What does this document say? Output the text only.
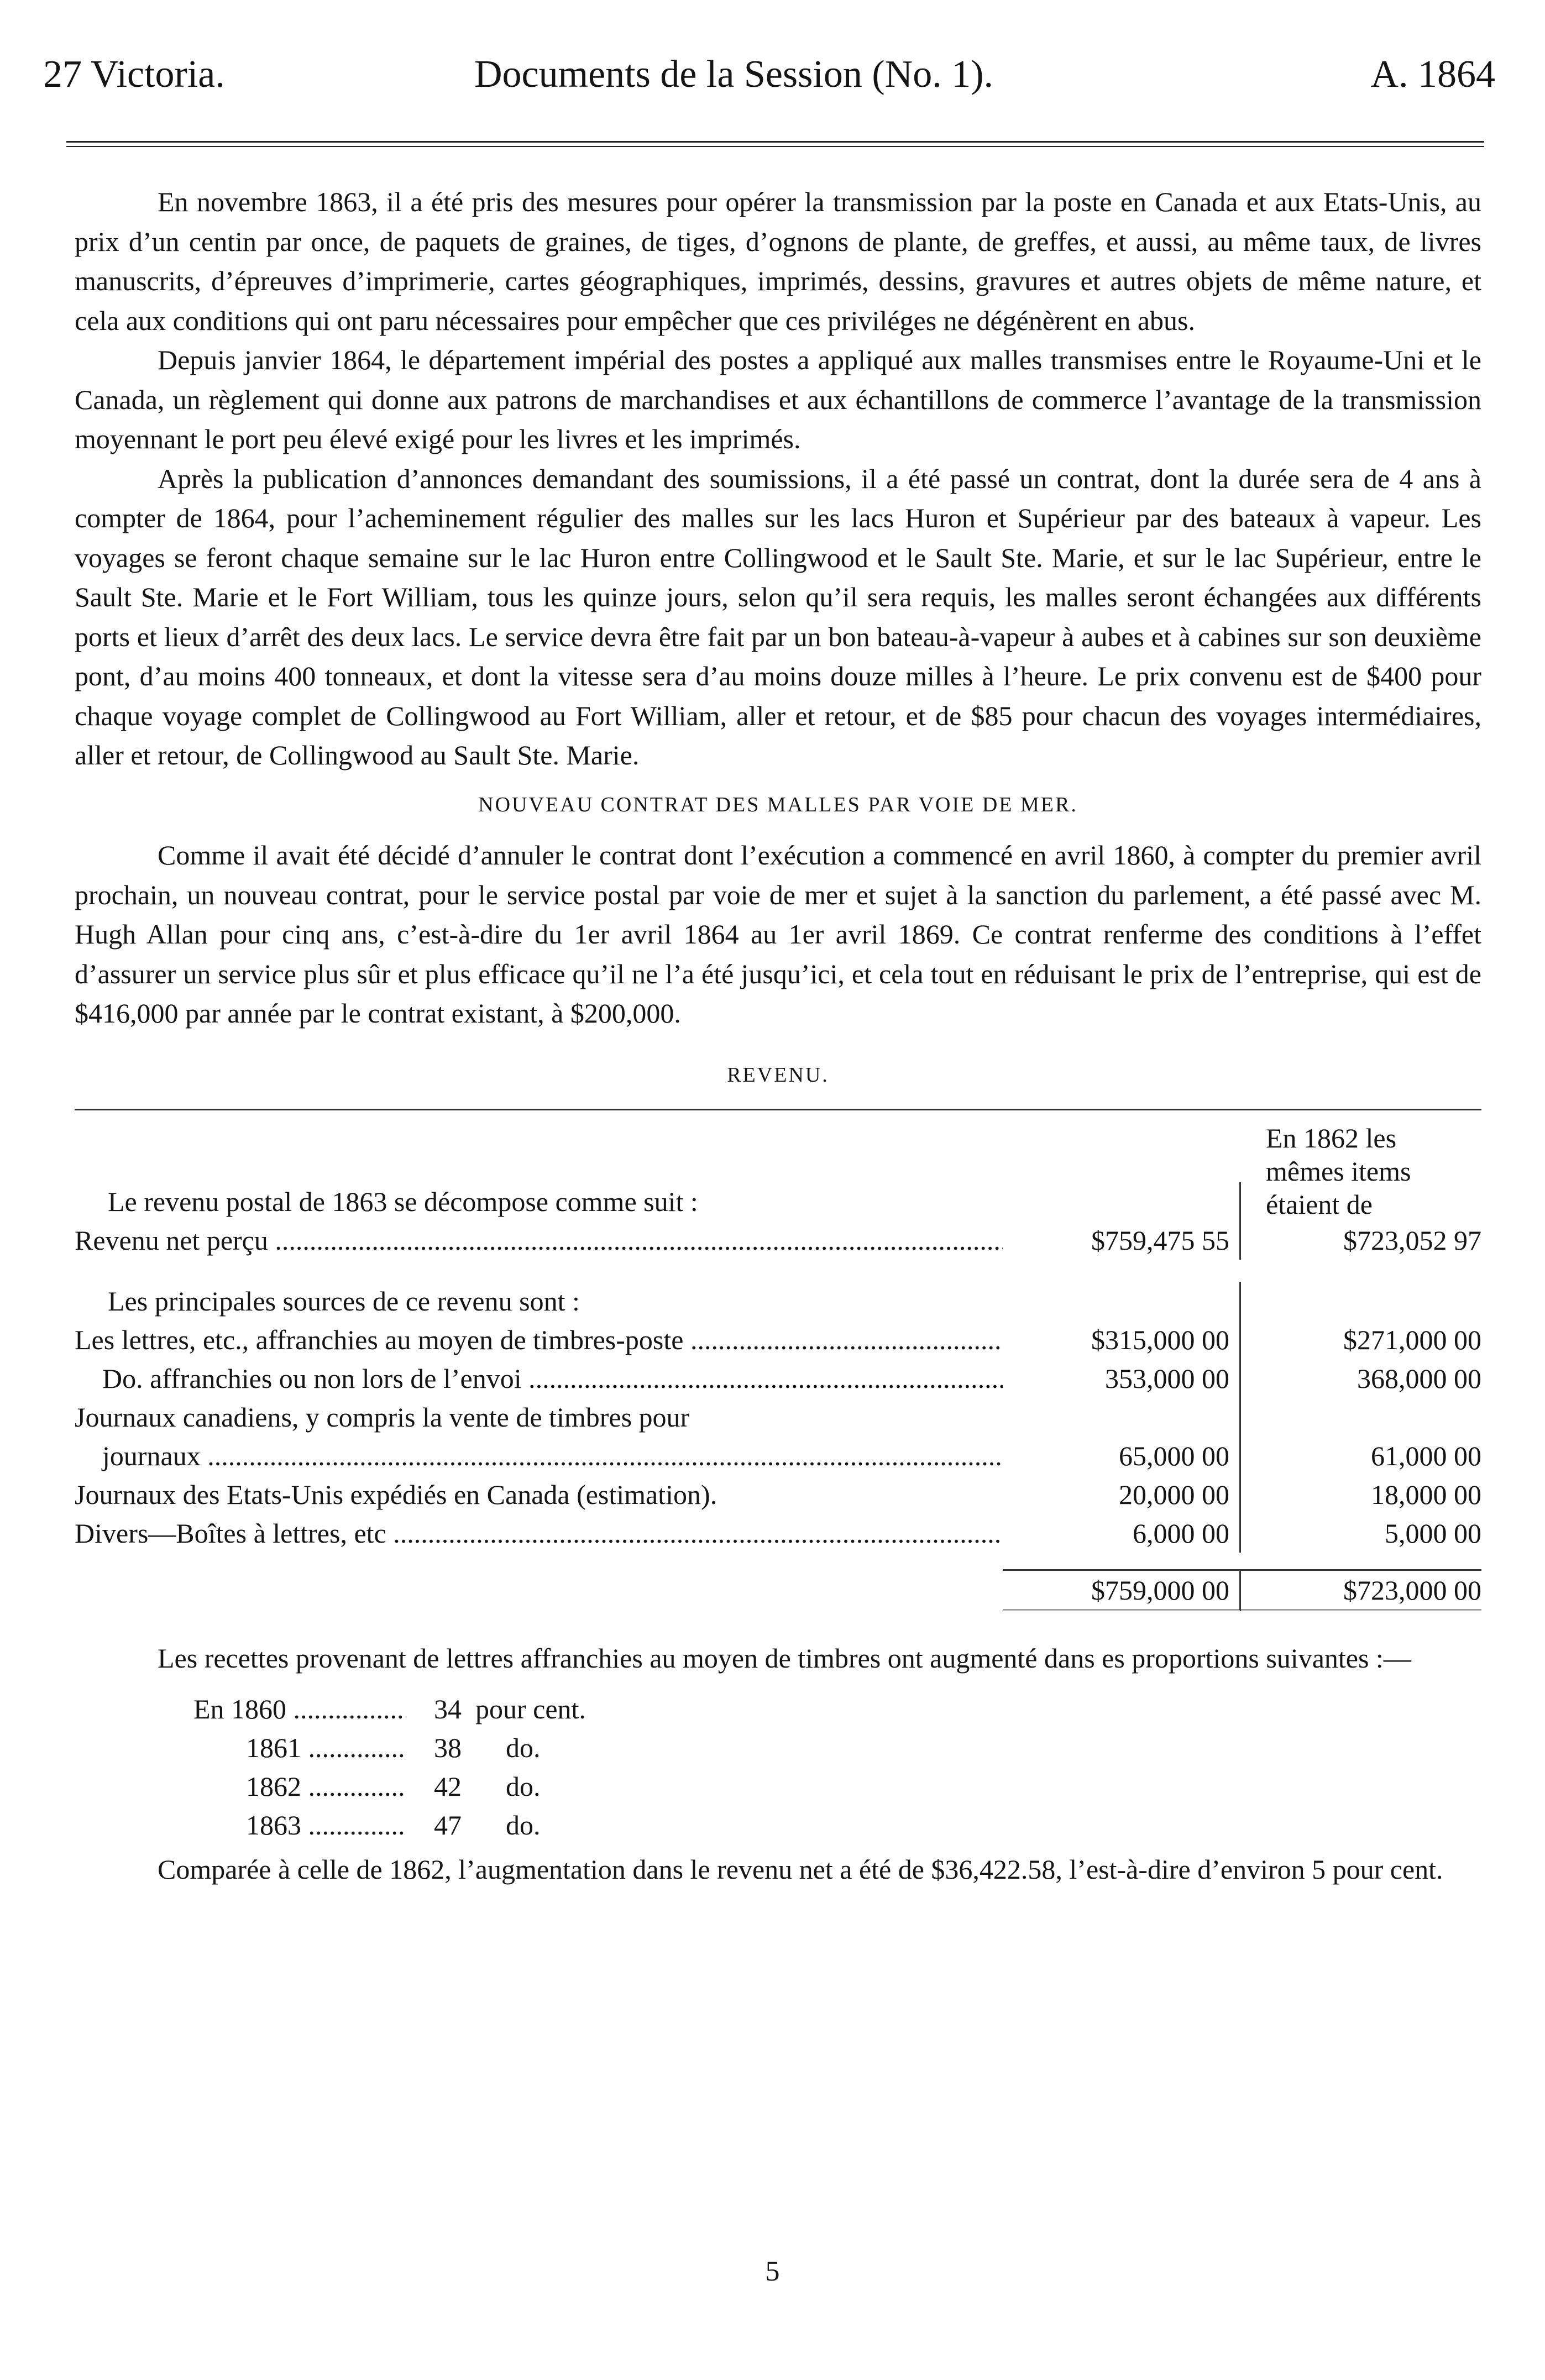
27 Victoria.	Documents de la Session (No. 1).	A. 1864

En novembre 1863, il a été pris des mesures pour opérer la transmission par la poste en Canada et aux Etats-Unis, au prix d’un centin par once, de paquets de graines, de tiges, d’ognons de plante, de greffes, et aussi, au même taux, de livres manuscrits, d’épreuves d’imprimerie, cartes géographiques, imprimés, dessins, gravures et autres objets de même nature, et cela aux conditions qui ont paru nécessaires pour empêcher que ces priviléges ne dégénèrent en abus.

Depuis janvier 1864, le département impérial des postes a appliqué aux malles transmises entre le Royaume-Uni et le Canada, un règlement qui donne aux patrons de marchandises et aux échantillons de commerce l’avantage de la transmission moyennant le port peu élevé exigé pour les livres et les imprimés.

Après la publication d’annonces demandant des soumissions, il a été passé un contrat, dont la durée sera de 4 ans à compter de 1864, pour l’acheminement régulier des malles sur les lacs Huron et Supérieur par des bateaux à vapeur. Les voyages se feront chaque semaine sur le lac Huron entre Collingwood et le Sault Ste. Marie, et sur le lac Supérieur, entre le Sault Ste. Marie et le Fort William, tous les quinze jours, selon qu’il sera requis, les malles seront échangées aux différents ports et lieux d’arrêt des deux lacs. Le service devra être fait par un bon bateau-à-vapeur à aubes et à cabines sur son deuxième pont, d’au moins 400 tonneaux, et dont la vitesse sera d’au moins douze milles à l’heure. Le prix convenu est de $400 pour chaque voyage complet de Collingwood au Fort William, aller et retour, et de $85 pour chacun des voyages intermédiaires, aller et retour, de Collingwood au Sault Ste. Marie.

NOUVEAU CONTRAT DES MALLES PAR VOIE DE MER.

Comme il avait été décidé d’annuler le contrat dont l’exécution a commencé en avril 1860, à compter du premier avril prochain, un nouveau contrat, pour le service postal par voie de mer et sujet à la sanction du parlement, a été passé avec M. Hugh Allan pour cinq ans, c’est-à-dire du 1er avril 1864 au 1er avril 1869. Ce contrat renferme des conditions à l’effet d’assurer un service plus sûr et plus efficace qu’il ne l’a été jusqu’ici, et cela tout en réduisant le prix de l’entreprise, qui est de $416,000 par année par le contrat existant, à $200,000.

REVENU.

Le revenu postal de 1863 se décompose comme suit :

En 1862 les mêmes items étaient de
Revenu net perçu .....	$759,475 55	$723,052 97
Les principales sources de ce revenu sont :

Les lettres, etc., affranchies au moyen de timbres-poste .....	$315,000 00	$271,000 00
Do. affranchies ou non lors de l’envoi .....	353,000 00	368,000 00
Journaux canadiens, y compris la vente de timbres pour

journaux .....	65,000 00	61,000 00
Journaux des Etats-Unis expédiés en Canada (estimation).	20,000 00	18,000 00
Divers—Boîtes à lettres, etc .....	6,000 00	5,000 00

$759,000 00	$723,000 00

Les recettes provenant de lettres affranchies au moyen de timbres ont augmenté dans es proportions suivantes :—

En 1860 .....	34 pour cent.
1861 .....	38	do.
1862 .....	42	do.
1863 .....	47	do.

Comparée à celle de 1862, l’augmentation dans le revenu net a été de $36,422.58, l’est-à-dire d’environ 5 pour cent.

5
